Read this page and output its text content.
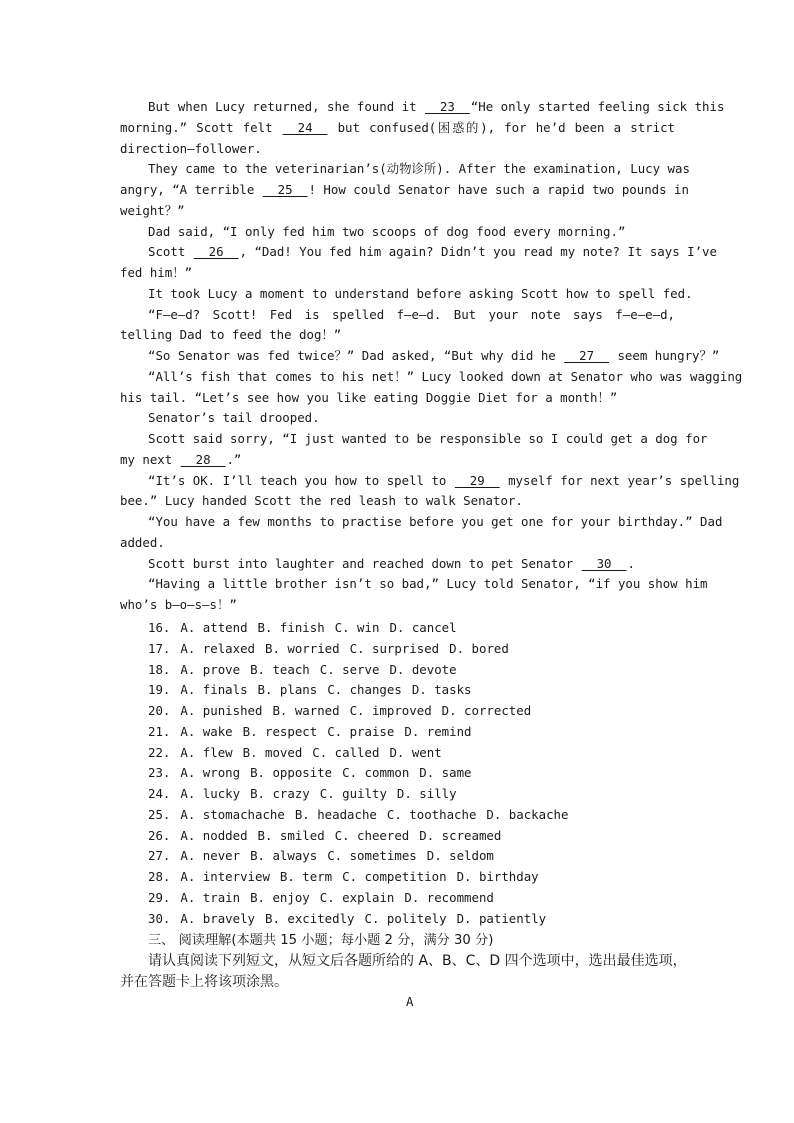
But when Lucy returned, she found it __23__“He only started feeling sick this
morning.” Scott felt __24__ but confused(困惑的), for he’d been a strict
direction—follower.
They came to the veterinarian’s(动物诊所). After the examination, Lucy was
angry, “A terrible __25__! How could Senator have such a rapid two pounds in
weight？”
Dad said, “I only fed him two scoops of dog food every morning.”
Scott __26__, “Dad! You fed him again? Didn’t you read my note? It says I’ve
fed him！”
It took Lucy a moment to understand before asking Scott how to spell fed.
“F—e—d? Scott! Fed is spelled f—e—d. But your note says f—e—e—d,
telling Dad to feed the dog！”
“So Senator was fed twice？” Dad asked, “But why did he __27__ seem hungry？”
“All’s fish that comes to his net！” Lucy looked down at Senator who was wagging
his tail. “Let’s see how you like eating Doggie Diet for a month！”
Senator’s tail drooped.
Scott said sorry, “I just wanted to be responsible so I could get a dog for
my next __28__.”
“It’s OK. I’ll teach you how to spell to __29__ myself for next year’s spelling
bee.” Lucy handed Scott the red leash to walk Senator.
“You have a few months to practise before you get one for your birthday.” Dad
added.
Scott burst into laughter and reached down to pet Senator __30__.
“Having a little brother isn’t so bad,” Lucy told Senator, “if you show him
who’s b—o—s—s！”
16. A. attend B. finish C. win D. cancel
17. A. relaxed B. worried C. surprised D. bored
18. A. prove B. teach C. serve D. devote
19. A. finals B. plans C. changes D. tasks
20. A. punished B. warned C. improved D. corrected
21. A. wake B. respect C. praise D. remind
22. A. flew B. moved C. called D. went
23. A. wrong B. opposite C. common D. same
24. A. lucky B. crazy C. guilty D. silly
25. A. stomachache B. headache C. toothache D. backache
26. A. nodded B. smiled C. cheered D. screamed
27. A. never B. always C. sometimes D. seldom
28. A. interview B. term C. competition D. birthday
29. A. train B. enjoy C. explain D. recommend
30. A. bravely B. excitedly C. politely D. patiently
三、 阅读理解(本题共 15 小题；每小题 2 分，满分 30 分)
请认真阅读下列短文，从短文后各题所给的 A、B、C、D 四个选项中，选出最佳选项，
并在答题卡上将该项涂黑。
A
